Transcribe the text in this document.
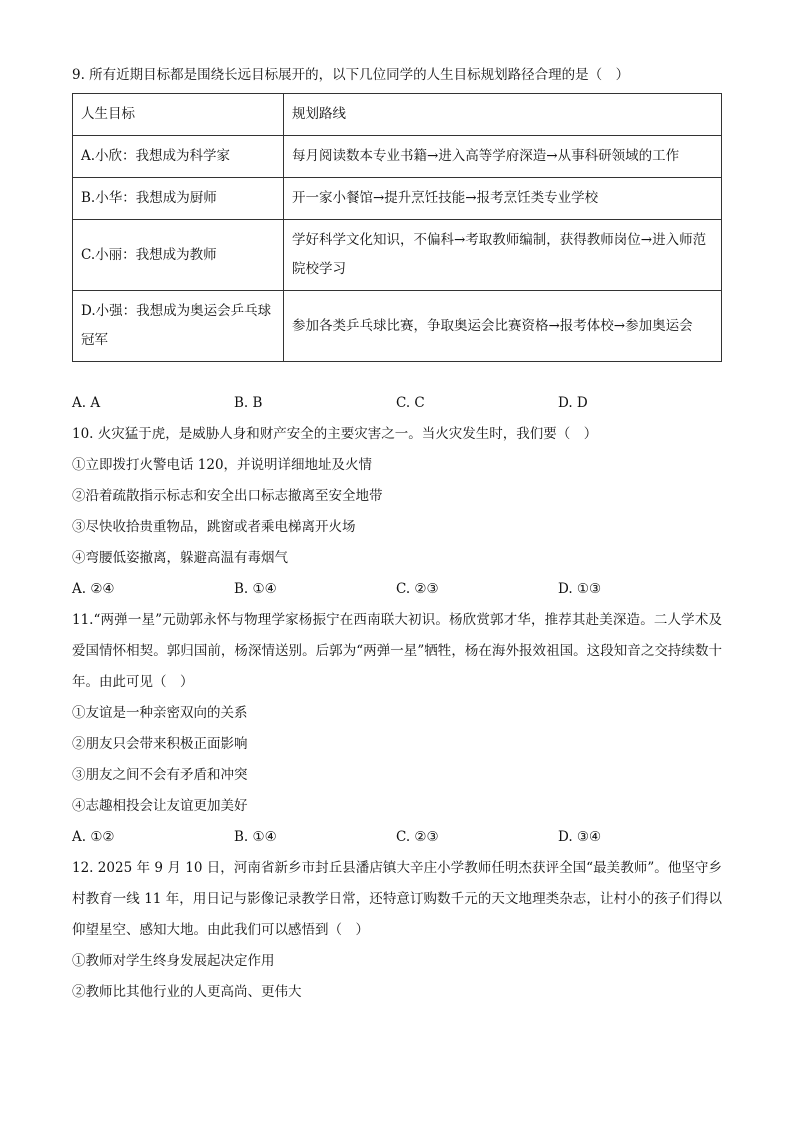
9. 所有近期目标都是围绕长远目标展开的，以下几位同学的人生目标规划路径合理的是（　）
人生目标	规划路线
A.小欣：我想成为科学家	每月阅读数本专业书籍→进入高等学府深造→从事科研领域的工作
B.小华：我想成为厨师	开一家小餐馆→提升烹饪技能→报考烹饪类专业学校
C.小丽：我想成为教师	学好科学文化知识，不偏科→考取教师编制，获得教师岗位→进入师范院校学习
D.小强：我想成为奥运会乒乓球冠军	参加各类乒乓球比赛，争取奥运会比赛资格→报考体校→参加奥运会
A. A	B. B	C. C	D. D
10. 火灾猛于虎，是威胁人身和财产安全的主要灾害之一。当火灾发生时，我们要（　）
①立即拨打火警电话 120，并说明详细地址及火情
②沿着疏散指示标志和安全出口标志撤离至安全地带
③尽快收拾贵重物品，跳窗或者乘电梯离开火场
④弯腰低姿撤离，躲避高温有毒烟气
A. ②④	B. ①④	C. ②③	D. ①③
11.“两弹一星”元勋郭永怀与物理学家杨振宁在西南联大初识。杨欣赏郭才华，推荐其赴美深造。二人学术及爱国情怀相契。郭归国前，杨深情送别。后郭为“两弹一星”牺牲，杨在海外报效祖国。这段知音之交持续数十年。由此可见（　）
①友谊是一种亲密双向的关系
②朋友只会带来积极正面影响
③朋友之间不会有矛盾和冲突
④志趣相投会让友谊更加美好
A. ①②	B. ①④	C. ②③	D. ③④
12. 2025 年 9 月 10 日，河南省新乡市封丘县潘店镇大辛庄小学教师任明杰获评全国“最美教师”。他坚守乡村教育一线 11 年，用日记与影像记录教学日常，还特意订购数千元的天文地理类杂志，让村小的孩子们得以仰望星空、感知大地。由此我们可以感悟到（　）
①教师对学生终身发展起决定作用
②教师比其他行业的人更高尚、更伟大
